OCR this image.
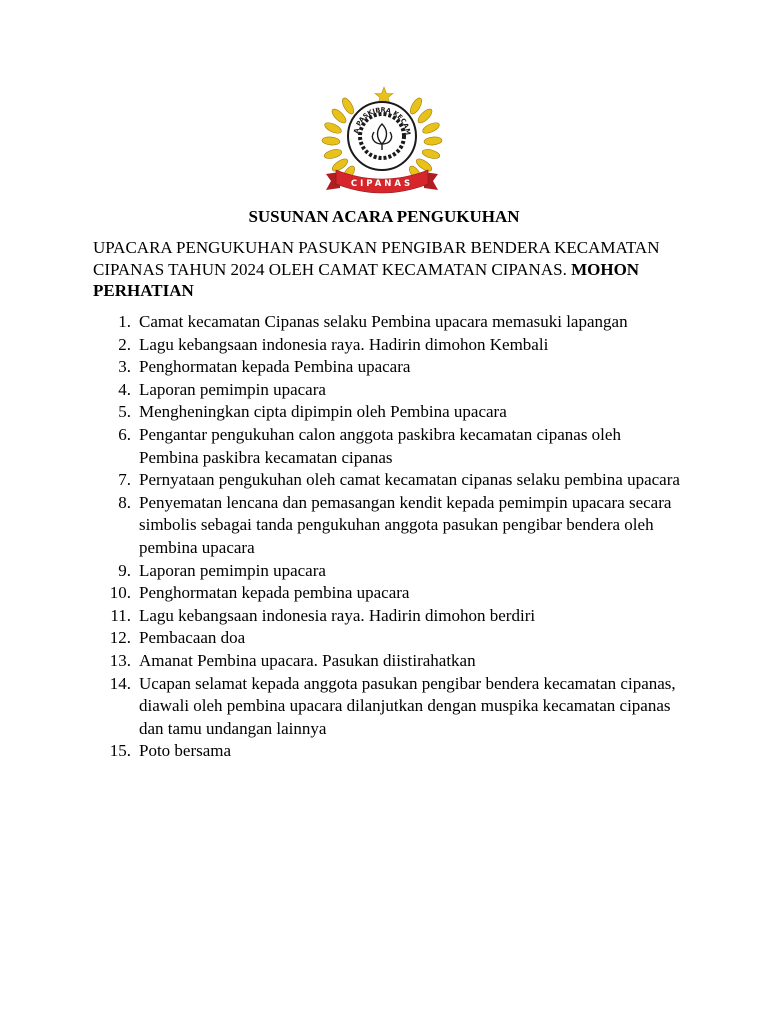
A PASKIBRA KECAM
CIPANAS
SUSUNAN ACARA PENGUKUHAN
UPACARA PENGUKUHAN PASUKAN PENGIBAR BENDERA KECAMATAN CIPANAS TAHUN 2024 OLEH CAMAT KECAMATAN CIPANAS. MOHON PERHATIAN
1. Camat kecamatan Cipanas selaku Pembina upacara memasuki lapangan
2. Lagu kebangsaan indonesia raya. Hadirin dimohon Kembali
3. Penghormatan kepada Pembina upacara
4. Laporan pemimpin upacara
5. Mengheningkan cipta dipimpin oleh Pembina upacara
6. Pengantar pengukuhan calon anggota paskibra kecamatan cipanas oleh Pembina paskibra kecamatan cipanas
7. Pernyataan pengukuhan oleh camat kecamatan cipanas selaku pembina upacara
8. Penyematan lencana dan pemasangan kendit kepada pemimpin upacara secara simbolis sebagai tanda pengukuhan anggota pasukan pengibar bendera oleh pembina upacara
9. Laporan pemimpin upacara
10. Penghormatan kepada pembina upacara
11. Lagu kebangsaan indonesia raya. Hadirin dimohon berdiri
12. Pembacaan doa
13. Amanat Pembina upacara. Pasukan diistirahatkan
14. Ucapan selamat kepada anggota pasukan pengibar bendera kecamatan cipanas, diawali oleh pembina upacara dilanjutkan dengan muspika kecamatan cipanas dan tamu undangan lainnya
15. Poto bersama
